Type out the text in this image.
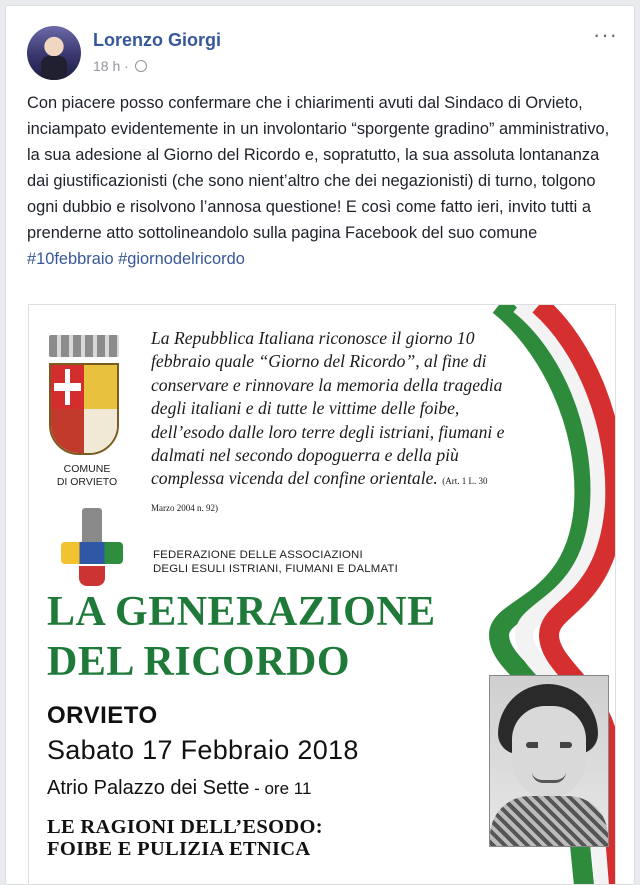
Lorenzo Giorgi
18 h ·
···
Con piacere posso confermare che i chiarimenti avuti dal Sindaco di Orvieto, inciampato evidentemente in un involontario “sporgente gradino” amministrativo, la sua adesione al Giorno del Ricordo e, sopratutto, la sua assoluta lontananza dai giustificazionisti (che sono nient’altro che dei negazionisti) di turno, tolgono ogni dubbio e risolvono l’annosa questione! E così come fatto ieri, invito tutti a prenderne atto sottolineandolo sulla pagina Facebook del suo comune
#10febbraio #giornodelricordo
COMUNE
DI ORVIETO
La Repubblica Italiana riconosce il giorno 10 febbraio quale “Giorno del Ricordo”, al fine di conservare e rinnovare la memoria della tragedia degli italiani e di tutte le vittime delle foibe, dell’esodo dalle loro terre degli istriani, fiumani e dalmati nel secondo dopoguerra e della più complessa vicenda del confine orientale. (Art. 1 L. 30 Marzo 2004 n. 92)
FEDERAZIONE DELLE ASSOCIAZIONI
DEGLI ESULI ISTRIANI, FIUMANI E DALMATI
LA GENERAZIONE
DEL RICORDO
ORVIETO
Sabato 17 Febbraio 2018
Atrio Palazzo dei Sette - ore 11
LE RAGIONI DELL’ESODO:
FOIBE E PULIZIA ETNICA
